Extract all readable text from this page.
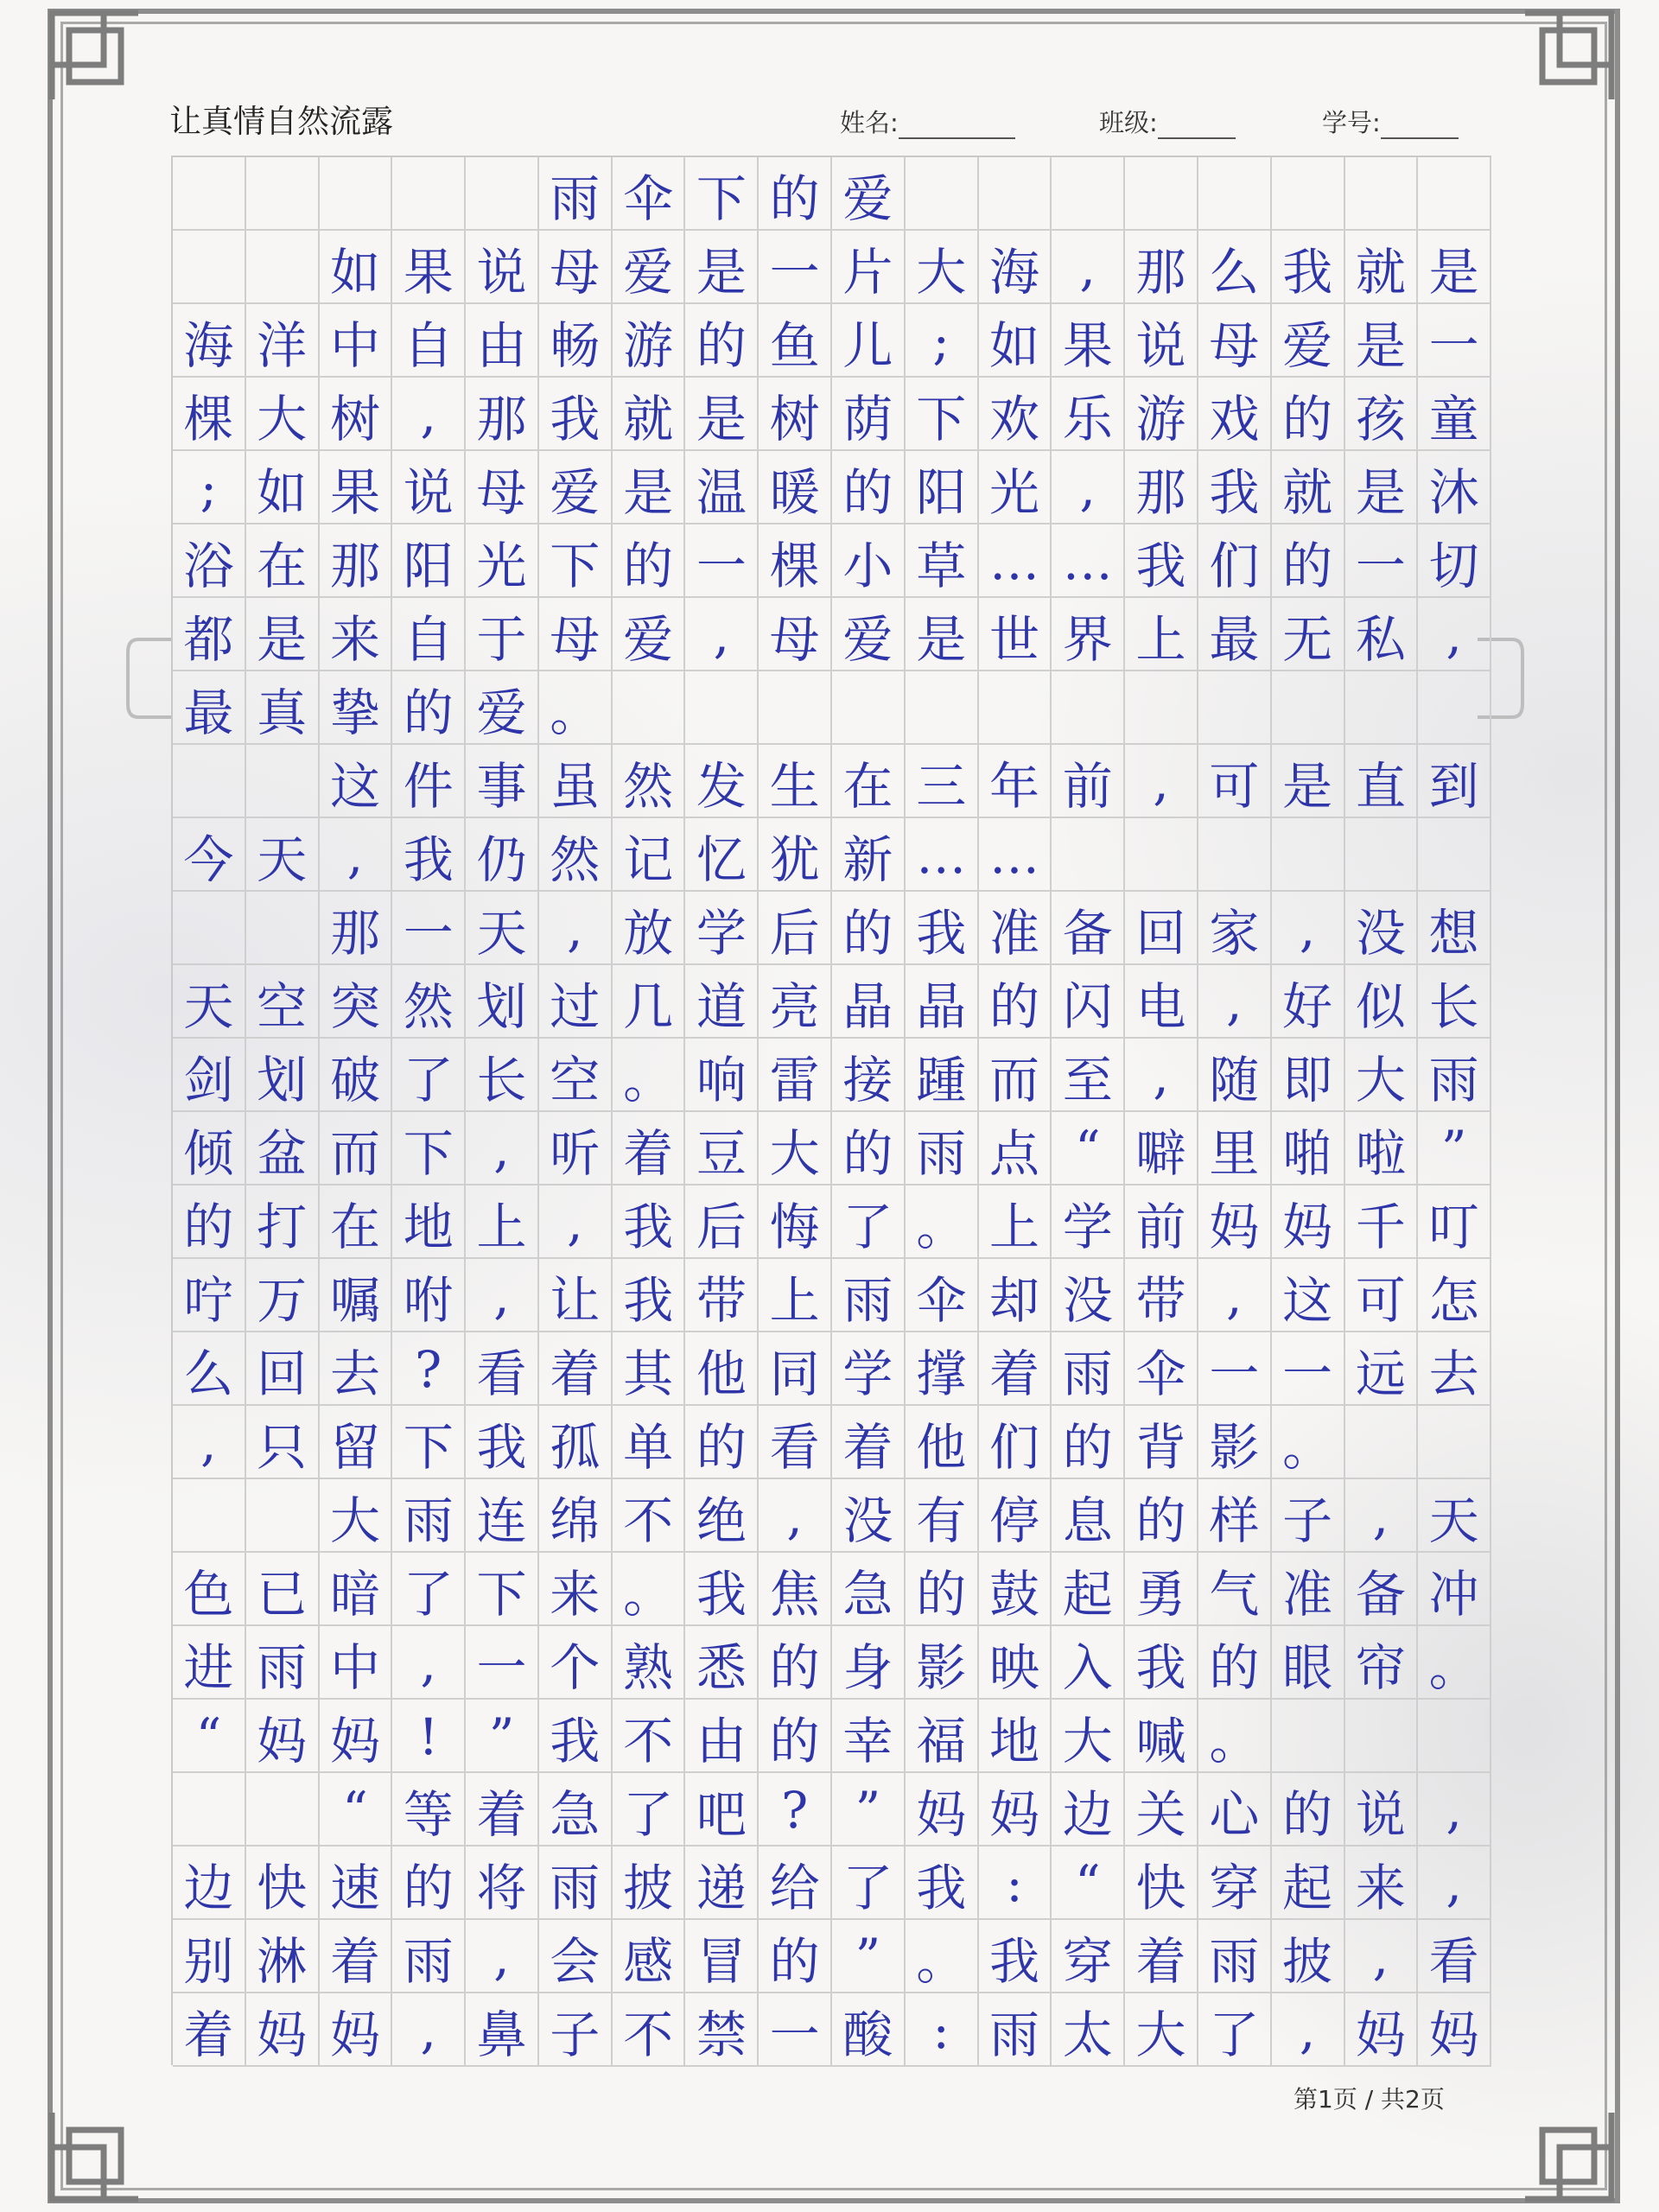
让真情自然流露	姓名:	班级:	学号:
雨 伞 下 的 爱
如 果 说 母 爱 是 一 片 大 海 , 那 么 我 就 是
海 洋 中 自 由 畅 游 的 鱼 儿 ; 如 果 说 母 爱 是 一
棵 大 树 , 那 我 就 是 树 荫 下 欢 乐 游 戏 的 孩 童
; 如 果 说 母 爱 是 温 暖 的 阳 光 , 那 我 就 是 沐
浴 在 那 阳 光 下 的 一 棵 小 草 … … 我 们 的 一 切
都 是 来 自 于 母 爱 , 母 爱 是 世 界 上 最 无 私 ,
最 真 挚 的 爱 。
这 件 事 虽 然 发 生 在 三 年 前 , 可 是 直 到
今 天 , 我 仍 然 记 忆 犹 新 … …
那 一 天 , 放 学 后 的 我 准 备 回 家 , 没 想
天 空 突 然 划 过 几 道 亮 晶 晶 的 闪 电 , 好 似 长
剑 划 破 了 长 空 。 响 雷 接 踵 而 至 , 随 即 大 雨
倾 盆 而 下 , 听 着 豆 大 的 雨 点 “ 噼 里 啪 啦 ”
的 打 在 地 上 , 我 后 悔 了 。 上 学 前 妈 妈 千 叮
咛 万 嘱 咐 , 让 我 带 上 雨 伞 却 没 带 , 这 可 怎
么 回 去 ? 看 着 其 他 同 学 撑 着 雨 伞 一 一 远 去
, 只 留 下 我 孤 单 的 看 着 他 们 的 背 影 。
大 雨 连 绵 不 绝 , 没 有 停 息 的 样 子 , 天
色 已 暗 了 下 来 。 我 焦 急 的 鼓 起 勇 气 准 备 冲
进 雨 中 , 一 个 熟 悉 的 身 影 映 入 我 的 眼 帘 。
“ 妈 妈 !	” 我 不 由 的 幸 福 地 大 喊 。
“ 等 着 急 了 吧 ? ” 妈 妈 边 关 心 的 说 ,
边 快 速 的 将 雨 披 递 给 了 我 :	“ 快 穿 起 来 ,
别 淋 着 雨 , 会 感 冒 的 ” 。 我 穿 着 雨 披 , 看
着 妈 妈 , 鼻 子 不 禁 一 酸 : 雨 太 大 了 , 妈 妈
第1页 / 共2页
